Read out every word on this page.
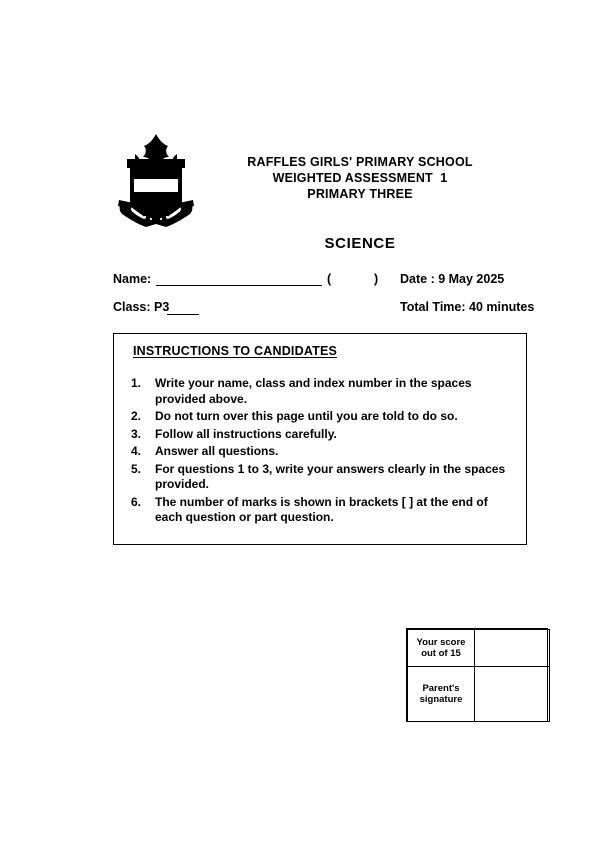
RAFFLES GIRLS' PRIMARY SCHOOL
WEIGHTED ASSESSMENT  1
PRIMARY THREE
SCIENCE
Name:	(	) Date : 9 May 2025
Class: P3	Total Time: 40 minutes
INSTRUCTIONS TO CANDIDATES
1.	Write your name, class and index number in the spaces provided above.
2.	Do not turn over this page until you are told to do so.
3.	Follow all instructions carefully.
4.	Answer all questions.
5.	For questions 1 to 3, write your answers clearly in the spaces provided.
6.	The number of marks is shown in brackets [ ] at the end of each question or part question.
Your score
out of 15	

Parent's
signature	
